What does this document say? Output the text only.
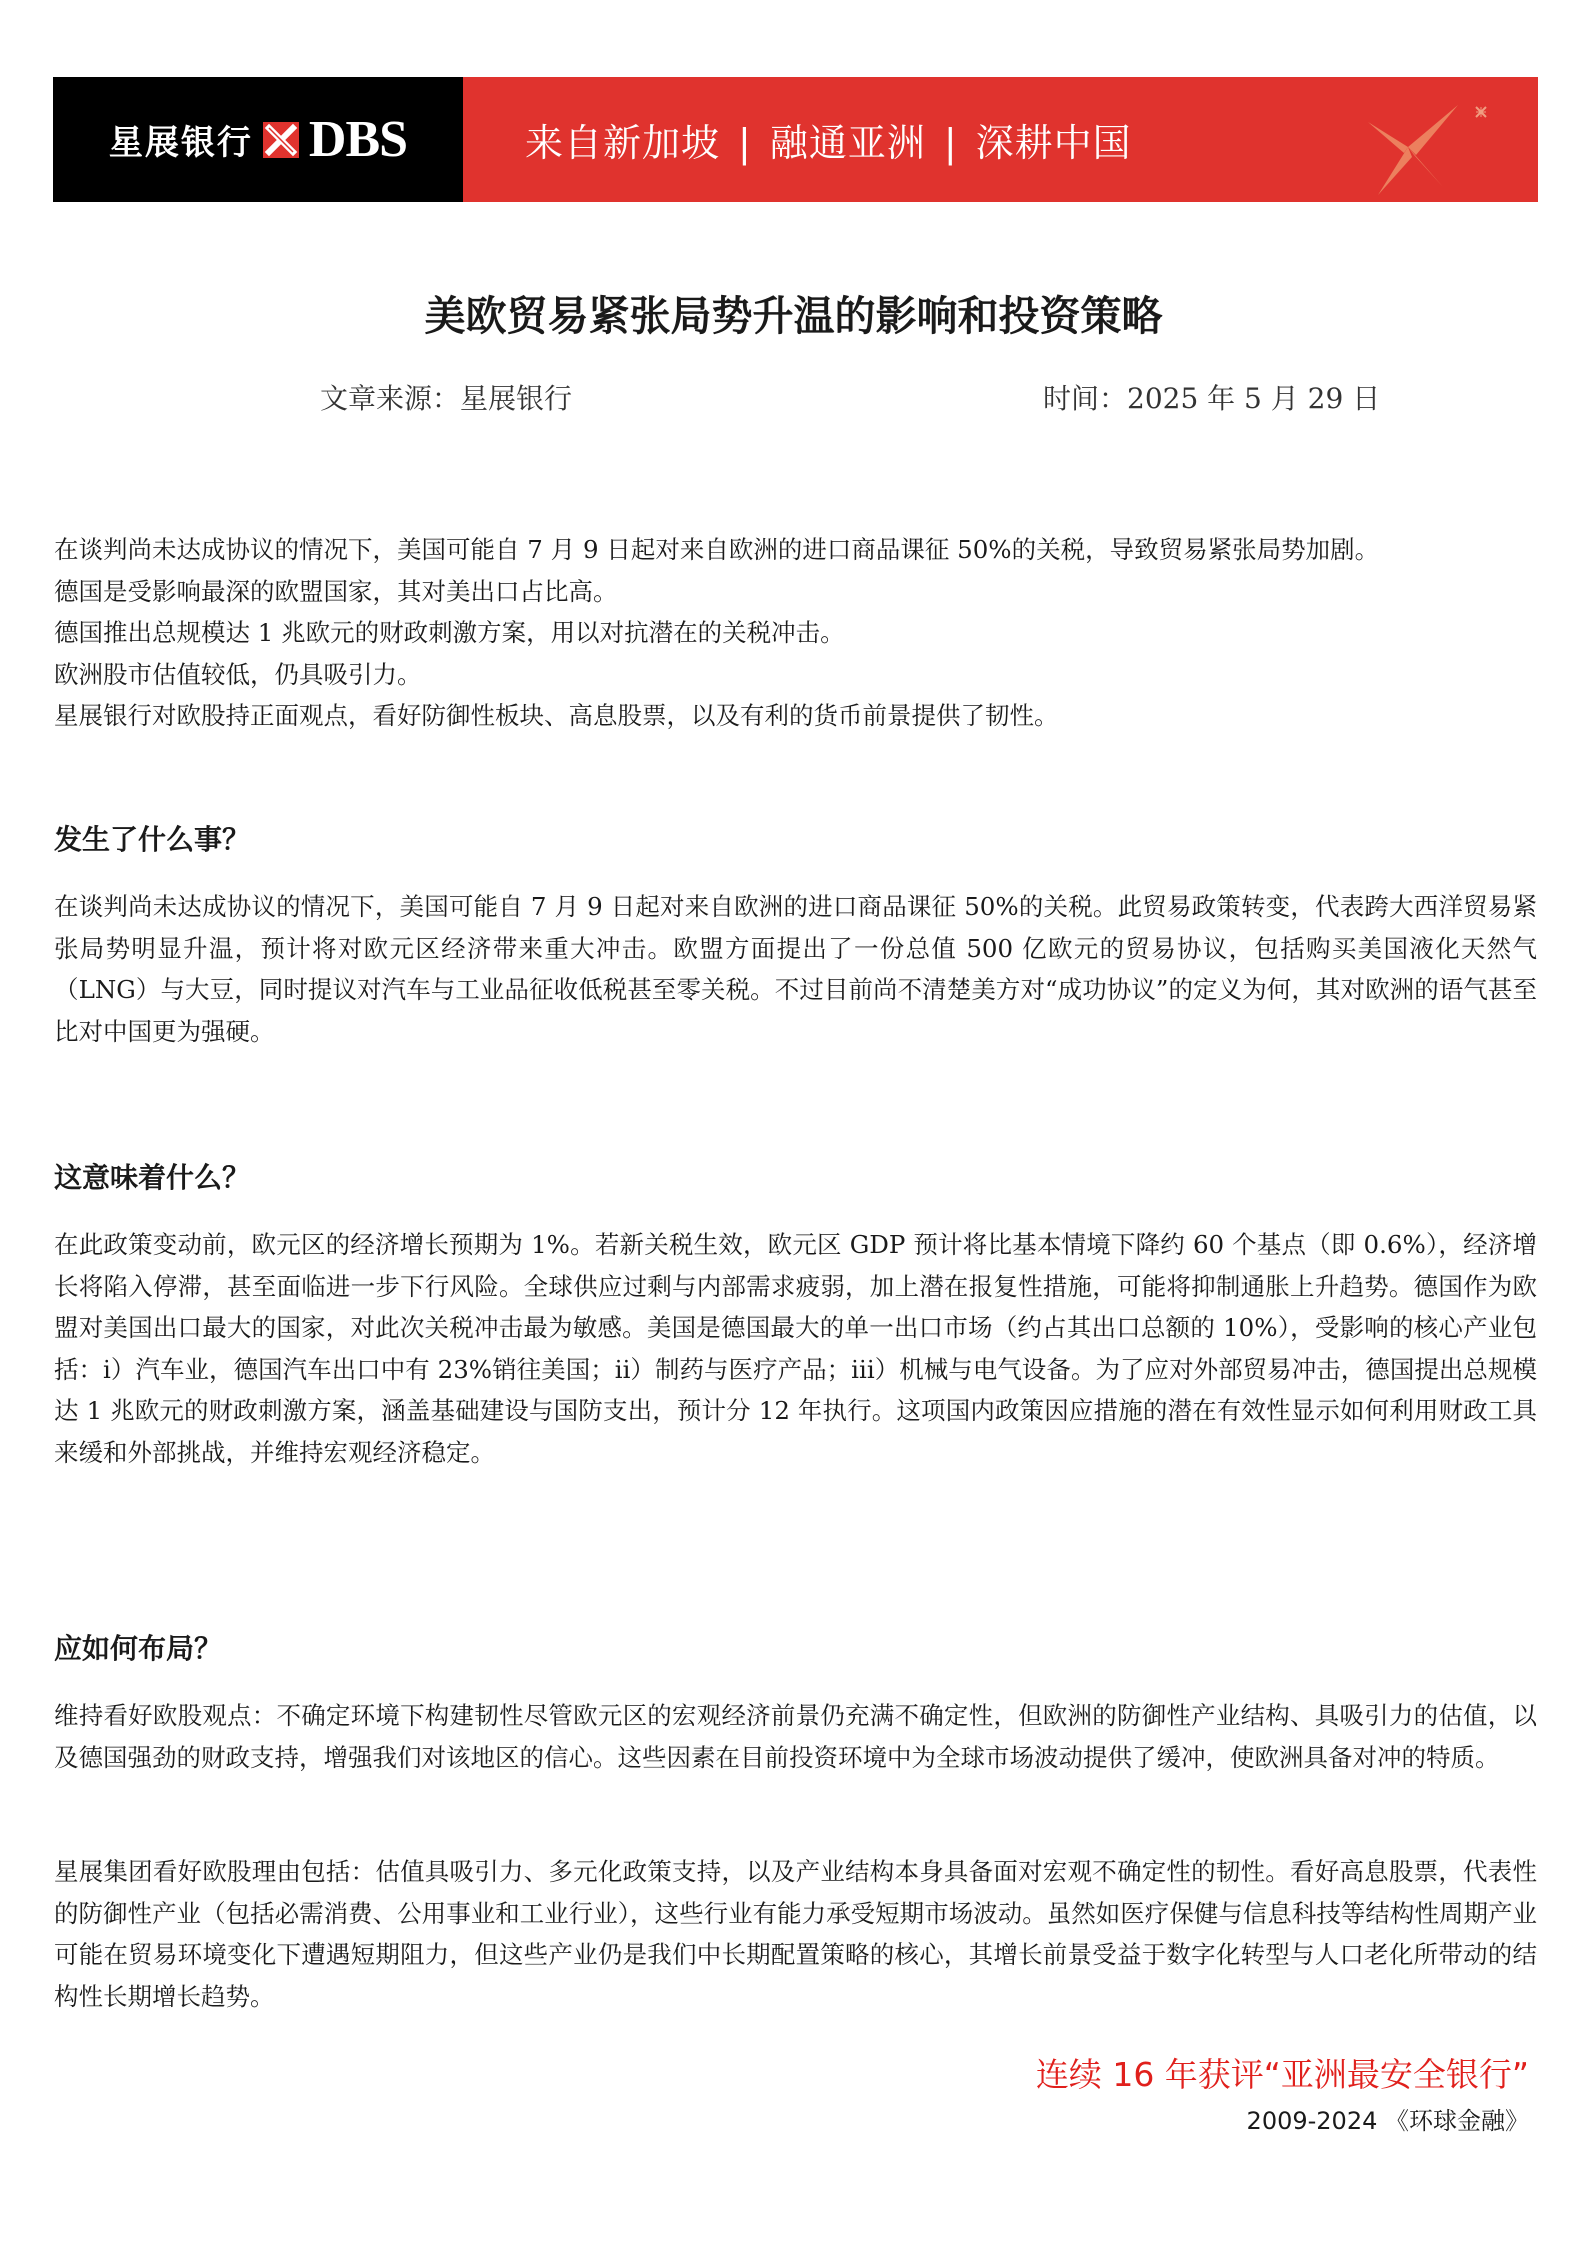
星展银行 DBS	来自新加坡 | 融通亚洲 | 深耕中国
美欧贸易紧张局势升温的影响和投资策略
文章来源：星展银行	时间：2025 年 5 月 29 日

在谈判尚未达成协议的情况下，美国可能自 7 月 9 日起对来自欧洲的进口商品课征 50%的关税，导致贸易紧张局势加剧。

德国是受影响最深的欧盟国家，其对美出口占比高。

德国推出总规模达 1 兆欧元的财政刺激方案，用以对抗潜在的关税冲击。

欧洲股市估值较低，仍具吸引力。

星展银行对欧股持正面观点，看好防御性板块、高息股票，以及有利的货币前景提供了韧性。

发生了什么事？

在谈判尚未达成协议的情况下，美国可能自 7 月 9 日起对来自欧洲的进口商品课征 50%的关税。此贸易政策转变，代表跨大西洋贸易紧张局势明显升温，预计将对欧元区经济带来重大冲击。欧盟方面提出了一份总值 500 亿欧元的贸易协议，包括购买美国液化天然气（LNG）与大豆，同时提议对汽车与工业品征收低税甚至零关税。不过目前尚不清楚美方对“成功协议”的定义为何，其对欧洲的语气甚至比对中国更为强硬。

这意味着什么？

在此政策变动前，欧元区的经济增长预期为 1%。若新关税生效，欧元区 GDP 预计将比基本情境下降约 60 个基点（即 0.6%），经济增长将陷入停滞，甚至面临进一步下行风险。全球供应过剩与内部需求疲弱，加上潜在报复性措施，可能将抑制通胀上升趋势。德国作为欧盟对美国出口最大的国家，对此次关税冲击最为敏感。美国是德国最大的单一出口市场（约占其出口总额的 10%），受影响的核心产业包括：i）汽车业，德国汽车出口中有 23%销往美国；ii）制药与医疗产品；iii）机械与电气设备。为了应对外部贸易冲击，德国提出总规模达 1 兆欧元的财政刺激方案，涵盖基础建设与国防支出，预计分 12 年执行。这项国内政策因应措施的潜在有效性显示如何利用财政工具来缓和外部挑战，并维持宏观经济稳定。

应如何布局？

维持看好欧股观点：不确定环境下构建韧性尽管欧元区的宏观经济前景仍充满不确定性，但欧洲的防御性产业结构、具吸引力的估值，以及德国强劲的财政支持，增强我们对该地区的信心。这些因素在目前投资环境中为全球市场波动提供了缓冲，使欧洲具备对冲的特质。

星展集团看好欧股理由包括：估值具吸引力、多元化政策支持，以及产业结构本身具备面对宏观不确定性的韧性。看好高息股票，代表性的防御性产业（包括必需消费、公用事业和工业行业），这些行业有能力承受短期市场波动。虽然如医疗保健与信息科技等结构性周期产业可能在贸易环境变化下遭遇短期阻力，但这些产业仍是我们中长期配置策略的核心，其增长前景受益于数字化转型与人口老化所带动的结构性长期增长趋势。

连续 16 年获评“亚洲最安全银行”
2009-2024 《环球金融》
